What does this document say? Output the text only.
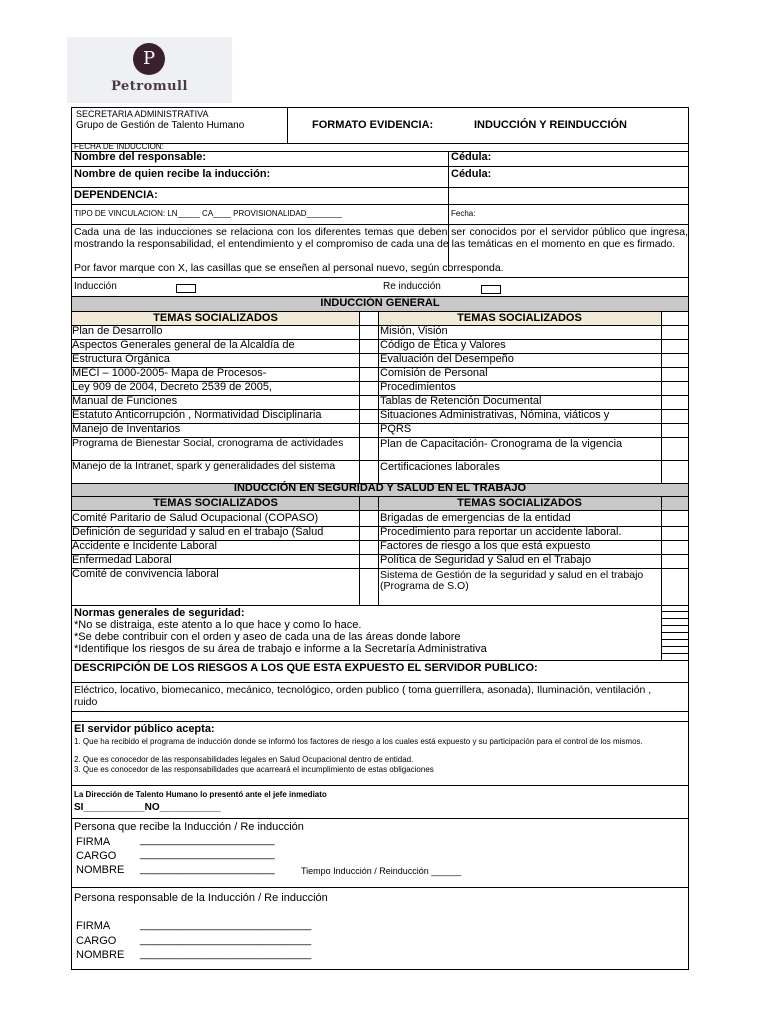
P
Petromull
SECRETARIA ADMINISTRATIVA
Grupo de Gestión de Talento Humano	FORMATO EVIDENCIA:	INDUCCIÓN Y REINDUCCIÓN
FECHA DE INDUCCION:
Nombre del responsable:	Cédula:
Nombre de quien recibe la inducción:	Cédula:
DEPENDENCIA:
TIPO DE VINCULACION: LN_____ CA____ PROVISIONALIDAD________	Fecha:
Cada una de las inducciones se relaciona con los diferentes temas que deben ser conocidos por el servidor público que ingresa, mostrando la responsabilidad, el entendimiento y el compromiso de cada una de las temáticas en el momento en que es firmado.
Por favor marque con X, las casillas que se enseñen al personal nuevo, según corresponda.
Inducción	Re inducción
INDUCCIÓN GENERAL
TEMAS SOCIALIZADOS	TEMAS SOCIALIZADOS
Plan de Desarrollo	Misión, Visión
Aspectos Generales general de la Alcaldía de	Código de Ética y Valores
Estructura Orgánica	Evaluación del Desempeño
MECI – 1000-2005- Mapa de Procesos-	Comisión de Personal
Ley 909 de 2004, Decreto 2539 de 2005,	Procedimientos
Manual de Funciones	Tablas de Retención Documental
Estatuto Anticorrupción , Normatividad Disciplinaria	Situaciones Administrativas, Nómina, viáticos y
Manejo de Inventarios	PQRS
Programa de Bienestar Social, cronograma de actividades	Plan de Capacitación- Cronograma de la vigencia
Manejo de la Intranet, spark y generalidades del sistema	Certificaciones laborales
INDUCCIÓN EN SEGURIDAD Y SALUD EN EL TRABAJO
TEMAS SOCIALIZADOS	TEMAS SOCIALIZADOS
Comité Paritario de Salud Ocupacional (COPASO)	Brigadas de emergencias de la entidad
Definición de seguridad y salud en el trabajo (Salud	Procedimiento para reportar un accidente laboral.
Accidente e Incidente Laboral	Factores de riesgo a los que está expuesto
Enfermedad Laboral	Política de Seguridad y Salud en el Trabajo
Comité de convivencia laboral	Sistema de Gestión de la seguridad y salud en el trabajo (Programa de S.O)
Normas generales de seguridad:
*No se distraiga, este atento a lo que hace y como lo hace.
*Se debe contribuir con el orden y aseo de cada una de las áreas donde labore
*Identifique los riesgos de su área de trabajo e informe a la Secretaría Administrativa
DESCRIPCIÓN DE LOS RIESGOS A LOS QUE ESTA EXPUESTO EL SERVIDOR PUBLICO:
Eléctrico, locativo, biomecanico, mecánico, tecnológico, orden publico ( toma guerrillera, asonada), Iluminación, ventilación , ruido
El servidor público acepta:
1. Que ha recibido el programa de inducción donde se informó los factores de riesgo a los cuales está expuesto y su participación para el control de los mismos.
2. Que es conocedor de las responsabilidades legales en Salud Ocupacional dentro de entidad.
3. Que es conocedor de las responsabilidades que acarreará el incumplimiento de estas obligaciones
La Dirección de Talento Humano lo presentó ante el jefe inmediato
SI___________NO___________
Persona que recibe la Inducción / Re inducción
FIRMA	______________________
CARGO ______________________
NOMBRE ______________________	Tiempo Inducción / Reinducción ______
Persona responsable de la Inducción / Re inducción
FIRMA	____________________________
CARGO ____________________________
NOMBRE ____________________________
